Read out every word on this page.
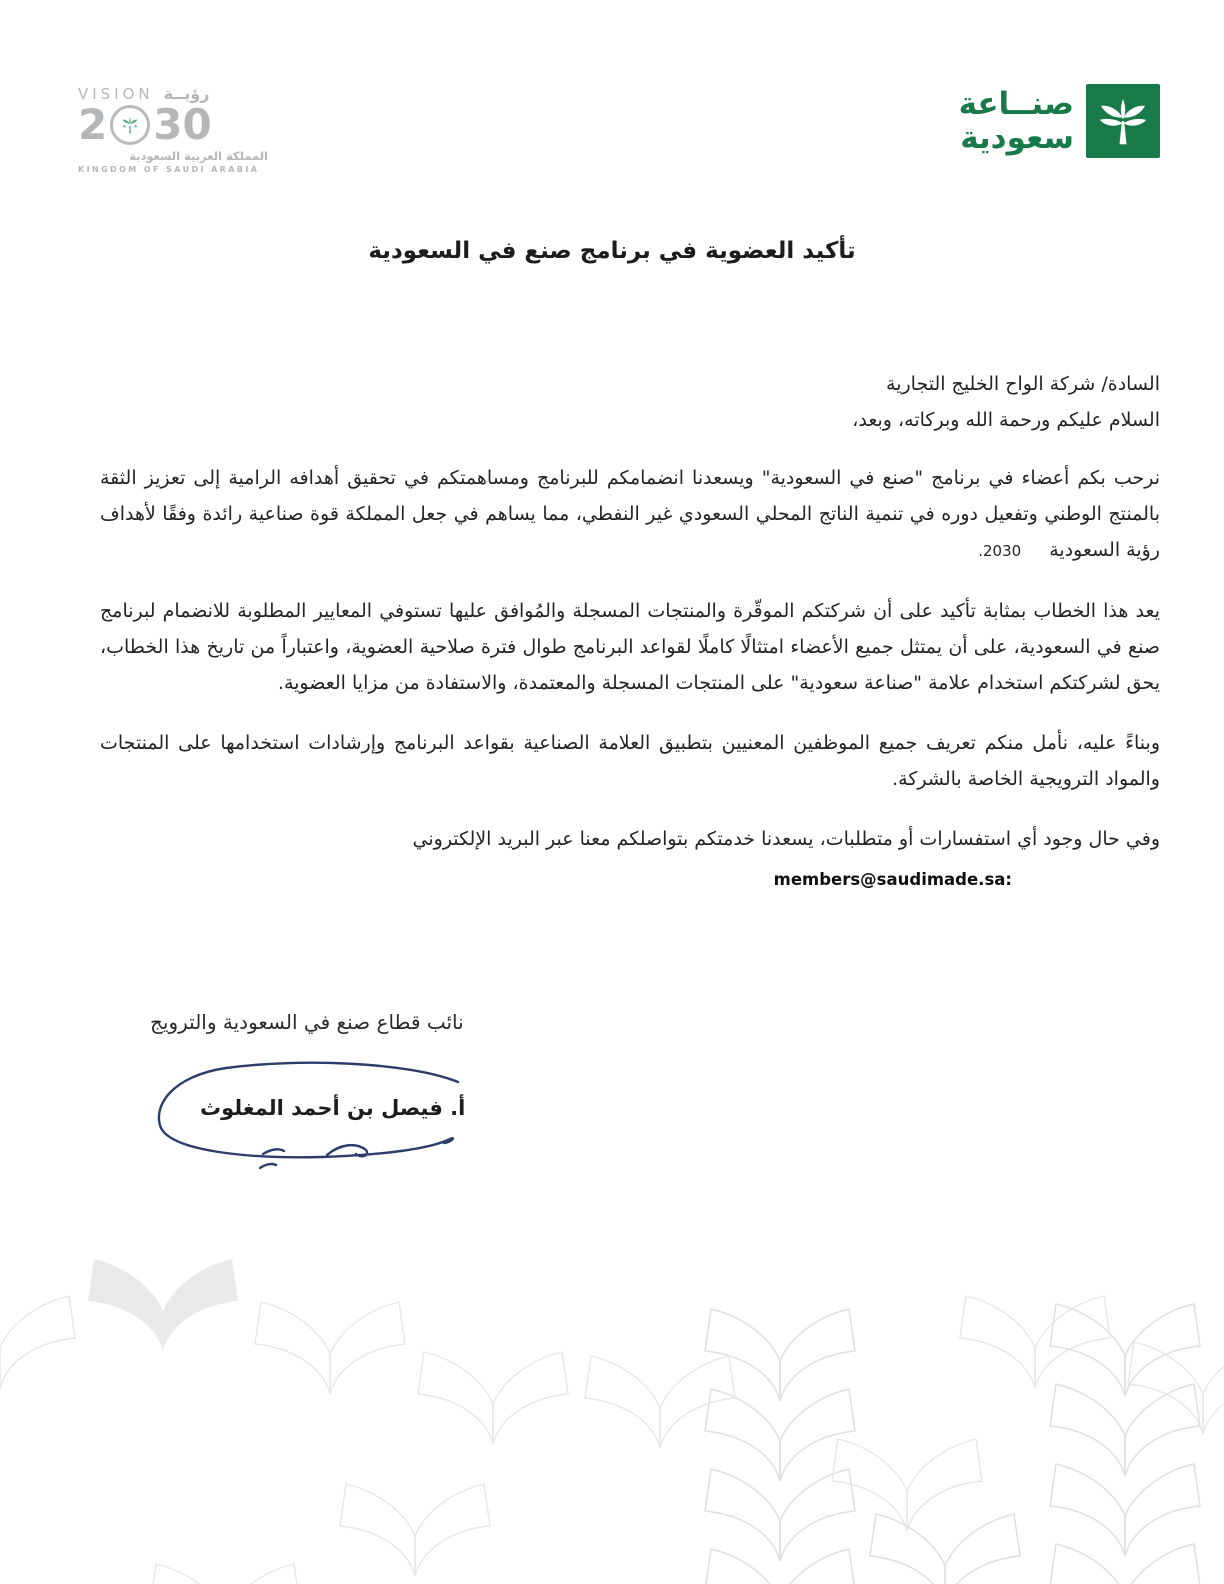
VISION رؤيــة
2 30
المملكة العربية السعودية
KINGDOM OF SAUDI ARABIA
صنــاعة
سعودية
تأكيد العضوية في برنامج صنع في السعودية

السادة/ شركة الواح الخليج التجارية

السلام عليكم ورحمة الله وبركاته، وبعد،

نرحب بكم أعضاء في برنامج "صنع في السعودية" ويسعدنا انضمامكم للبرنامج ومساهمتكم في تحقيق أهدافه الرامية إلى تعزيز الثقة بالمنتج الوطني وتفعيل دوره في تنمية الناتج المحلي السعودي غير النفطي، مما يساهم في جعل المملكة قوة صناعية رائدة وفقًا لأهداف رؤية السعودية2030.

يعد هذا الخطاب بمثابة تأكيد على أن شركتكم الموقّرة والمنتجات المسجلة والمُوافق عليها تستوفي المعايير المطلوبة للانضمام لبرنامج صنع في السعودية، على أن يمتثل جميع الأعضاء امتثالًا كاملًا لقواعد البرنامج طوال فترة صلاحية العضوية، واعتباراً من تاريخ هذا الخطاب، يحق لشركتكم استخدام علامة "صناعة سعودية" على المنتجات المسجلة والمعتمدة، والاستفادة من مزايا العضوية.

وبناءً عليه، نأمل منكم تعريف جميع الموظفين المعنيين بتطبيق العلامة الصناعية بقواعد البرنامج وإرشادات استخدامها على المنتجات والمواد الترويجية الخاصة بالشركة.

وفي حال وجود أي استفسارات أو متطلبات، يسعدنا خدمتكم بتواصلكم معنا عبر البريد الإلكتروني

members@saudimade.sa:

نائب قطاع صنع في السعودية والترويج
أ. فيصل بن أحمد المغلوث
